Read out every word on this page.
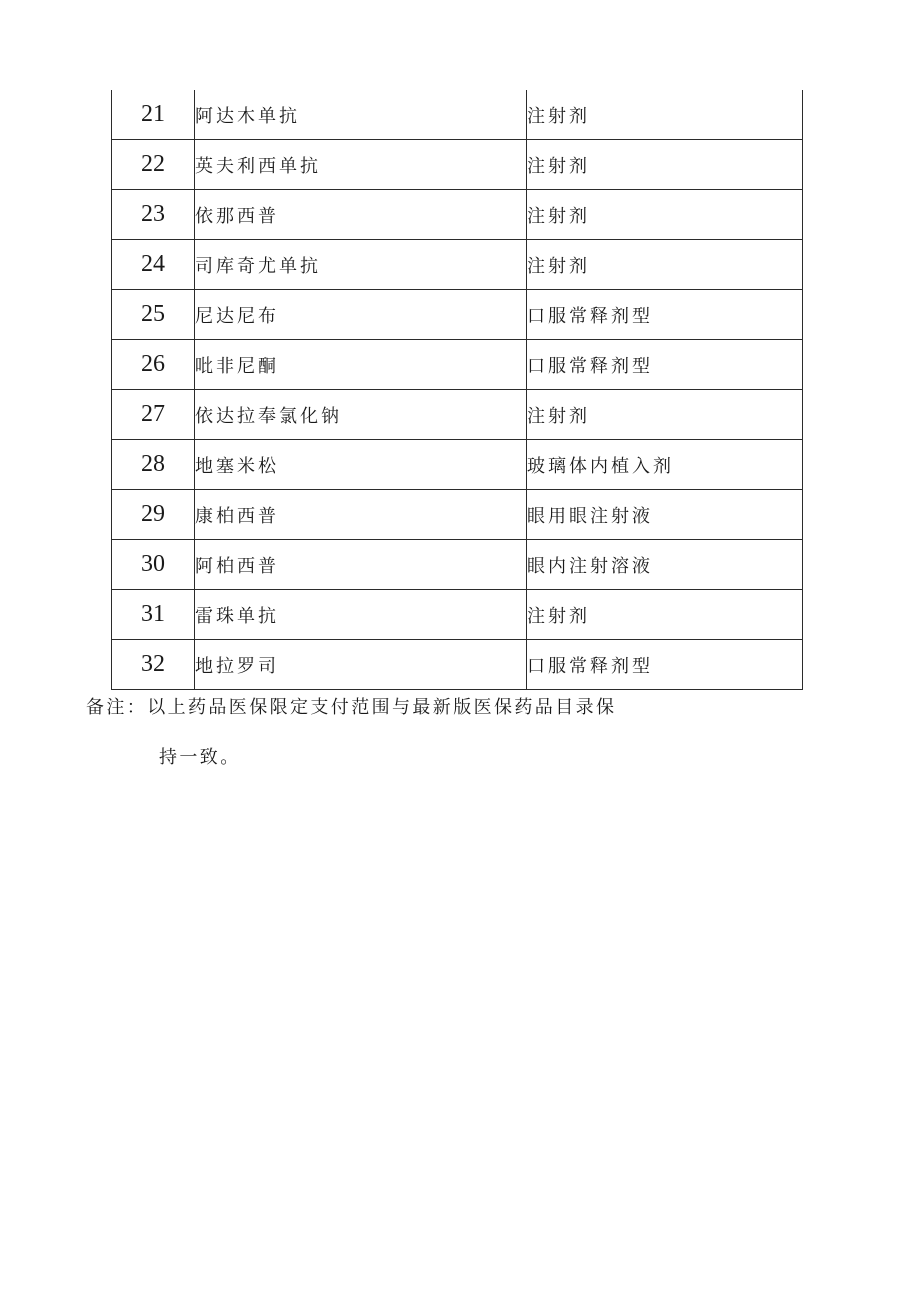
21	阿达木单抗	注射剂
22	英夫利西单抗	注射剂
23	依那西普	注射剂
24	司库奇尤单抗	注射剂
25	尼达尼布	口服常释剂型
26	吡非尼酮	口服常释剂型
27	依达拉奉氯化钠	注射剂
28	地塞米松	玻璃体内植入剂
29	康柏西普	眼用眼注射液
30	阿柏西普	眼内注射溶液
31	雷珠单抗	注射剂
32	地拉罗司	口服常释剂型
备注：以上药品医保限定支付范围与最新版医保药品目录保
持一致。
